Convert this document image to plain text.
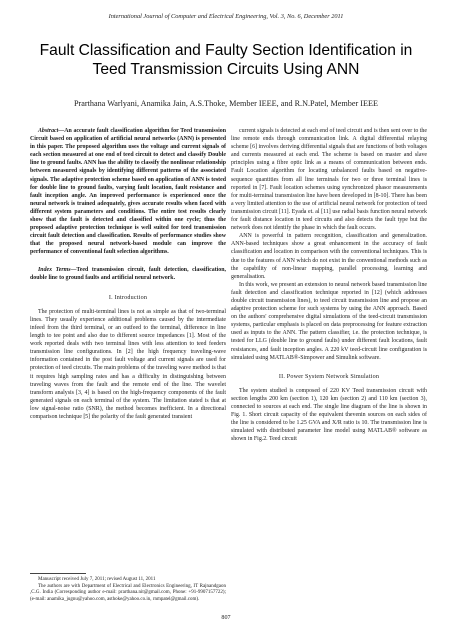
International Journal of Computer and Electrical Engineering, Vol. 3, No. 6, December 2011
Fault Classification and Faulty Section Identification in
Teed Transmission Circuits Using ANN
Prarthana Warlyani, Anamika Jain, A.S.Thoke, Member IEEE, and R.N.Patel, Member IEEE

Abstract—An accurate fault classification algorithm for Teed transmission Circuit based on application of artificial neural networks (ANN) is presented in this paper. The proposed algorithm uses the voltage and current signals of each section measured at one end of teed circuit to detect and classify Double line to ground faults. ANN has the ability to classify the nonlinear relationship between measured signals by identifying different patterns of the associated signals. The adaptive protection scheme based on application of ANN is tested for double line to ground faults, varying fault location, fault resistance and fault inception angle. An improved performance is experienced once the neural network is trained adequately, gives accurate results when faced with different system parameters and conditions. The entire test results clearly show that the fault is detected and classified within one cycle; thus the proposed adaptive protection technique is well suited for teed transmission circuit fault detection and classification. Results of performance studies show that the proposed neural network-based module can improve the performance of conventional fault selection algorithms.

Index Terms—Teed transmission circuit, fault detection, classification, double line to ground faults and artificial neural network.

I. Introduction

The protection of multi-terminal lines is not as simple as that of two-terminal lines. They usually experience additional problems caused by the intermediate infeed from the third terminal, or an outfeed to the terminal, difference in line length to tee point and also due to different source impedances [1]. Most of the work reported deals with two terminal lines with less attention to teed feeders transmission line configurations. In [2] the high frequency traveling-wave information contained in the post fault voltage and current signals are used for protection of teed circuits. The main problems of the traveling wave method is that it requires high sampling rates and has a difficulty in distinguishing between traveling waves from the fault and the remote end of the line. The wavelet transform analysis [3, 4] is based on the high-frequency components of the fault generated signals on each terminal of the system. The limitation stated is that at low signal-noise ratio (SNR), the method becomes inefficient. In a directional comparison technique [5] the polarity of the fault generated transient

Manuscript received July 7, 2011; revised August 11, 2011

The authors are with Department of Electrical and Electronics Engineering, IT Rajnandgaon ,C.G. India (Corresponding author e-mail: prarthana.nit@gmail.com, Phone: +91-9907157722); (e-mail: anamika_jugnu@yahoo.com, asthoke@yahoo.co.in, rnmpatel@gmail.com).

current signals is detected at each end of teed circuit and is then sent over to the line remote ends through communication link. A digital differential relaying scheme [6] involves deriving differential signals that are functions of both voltages and currents measured at each end. The scheme is based on master and slave principles using a fibre optic link as a means of communication between ends. Fault Location algorithm for locating unbalanced faults based on negative-sequence quantities from all line terminals for two or three terminal lines is reported in [7]. Fault location schemes using synchronized phasor measurements for multi-terminal transmission line have been developed in [8-10]. There has been a very limited attention to the use of artificial neural network for protection of teed transmission circuit [11]. Eyada et. al [11] use radial basis function neural network for fault distance location in teed circuits and also detects the fault type but the network does not identify the phase in which the fault occurs.

ANN is powerful in pattern recognition, classification and generalization. ANN-based techniques show a great enhancement in the accuracy of fault classification and location in comparison with the conventional techniques. This is due to the features of ANN which do not exist in the conventional methods such as the capability of non-linear mapping, parallel processing, learning and generalisation.

In this work, we present an extension to neural network based transmission line fault detection and classification technique reported in [12] (which addresses double circuit transmission lines), to teed circuit transmission line and propose an adaptive protection scheme for such systems by using the ANN approach. Based on the authors' comprehensive digital simulations of the teed-circuit transmission systems, particular emphasis is placed on data preprocessing for feature extraction used as inputs to the ANN. The pattern classifier, i.e. the protection technique, is tested for LLG (double line to ground faults) under different fault locations, fault resistances, and fault inception angles. A 220 kV teed-circuit line configuration is simulated using MATLAB®-Simpower and Simulink software.

II. Power System Network Simulation

The system studied is composed of 220 KV Teed transmission circuit with section lengths 200 km (section 1), 120 km (section 2) and 110 km (section 3), connected to sources at each end. The single line diagram of the line is shown in Fig. 1. Short circuit capacity of the equivalent thevenin sources on each sides of the line is considered to be 1.25 GVA and X/R ratio is 10. The transmission line is simulated with distributed parameter line model using MATLAB® software as shown in Fig.2. Teed circuit

807
